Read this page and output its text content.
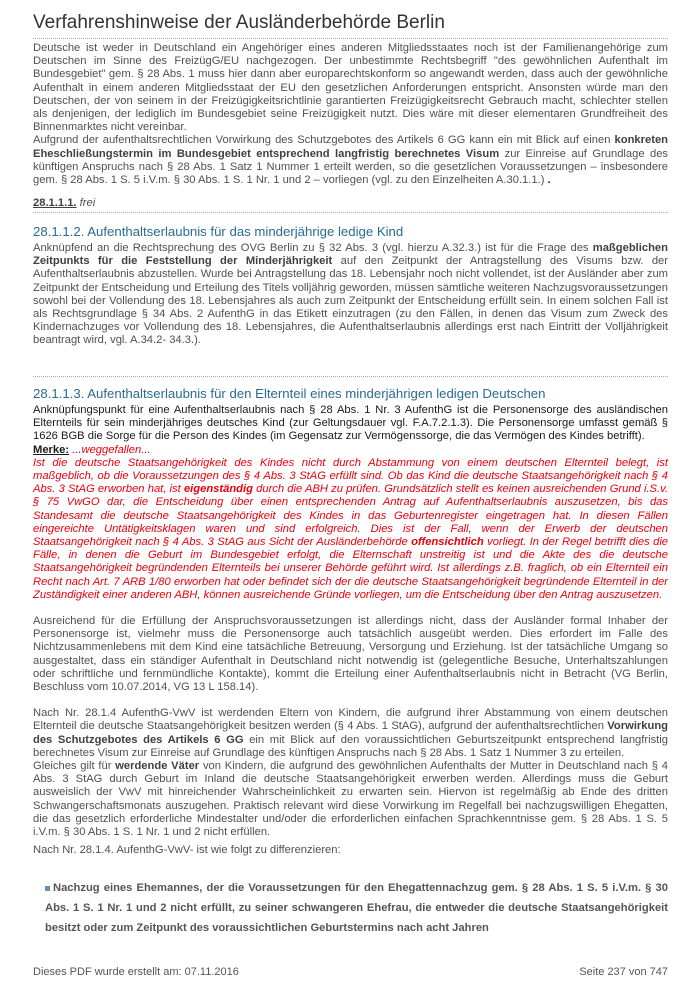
Verfahrenshinweise der Ausländerbehörde Berlin

Deutsche ist weder in Deutschland ein Angehöriger eines anderen Mitgliedsstaates noch ist der Familienangehörige zum Deutschen im Sinne des FreizügG/EU nachgezogen. Der unbestimmte Rechtsbegriff "des gewöhnlichen Aufenthalt im Bundesgebiet" gem. § 28 Abs. 1 muss hier dann aber europarechtskonform so angewandt werden, dass auch der gewöhnliche Aufenthalt in einem anderen Mitgliedsstaat der EU den gesetzlichen Anforderungen entspricht. Ansonsten würde man den Deutschen, der von seinem in der Freizügigkeitsrichtlinie garantierten Freizügigkeitsrecht Gebrauch macht, schlechter stellen als denjenigen, der lediglich im Bundesgebiet seine Freizügigkeit nutzt. Dies wäre mit dieser elementaren Grundfreiheit des Binnenmarktes nicht vereinbar.

Aufgrund der aufenthaltsrechtlichen Vorwirkung des Schutzgebotes des Artikels 6 GG kann ein mit Blick auf einen konkreten Eheschließungstermin im Bundesgebiet entsprechend langfristig berechnetes Visum zur Einreise auf Grundlage des künftigen Anspruchs nach § 28 Abs. 1 Satz 1 Nummer 1 erteilt werden, so die gesetzlichen Voraussetzungen – insbesondere gem. § 28 Abs. 1 S. 5 i.V.m. § 30 Abs. 1 S. 1 Nr. 1 und 2 – vorliegen (vgl. zu den Einzelheiten A.30.1.1.) .

28.1.1.1. frei
28.1.1.2. Aufenthaltserlaubnis für das minderjährige ledige Kind

Anknüpfend an die Rechtsprechung des OVG Berlin zu § 32 Abs. 3 (vgl. hierzu A.32.3.) ist für die Frage des maßgeblichen Zeitpunkts für die Feststellung der Minderjährigkeit auf den Zeitpunkt der Antragstellung des Visums bzw. der Aufenthaltserlaubnis abzustellen. Wurde bei Antragstellung das 18. Lebensjahr noch nicht vollendet, ist der Ausländer aber zum Zeitpunkt der Entscheidung und Erteilung des Titels volljährig geworden, müssen sämtliche weiteren Nachzugsvoraussetzungen sowohl bei der Vollendung des 18. Lebensjahres als auch zum Zeitpunkt der Entscheidung erfüllt sein. In einem solchen Fall ist als Rechtsgrundlage § 34 Abs. 2 AufenthG in das Etikett einzutragen (zu den Fällen, in denen das Visum zum Zweck des Kindernachzuges vor Vollendung des 18. Lebensjahres, die Aufenthaltserlaubnis allerdings erst nach Eintritt der Volljährigkeit beantragt wird, vgl. A.34.2- 34.3.).

28.1.1.3. Aufenthaltserlaubnis für den Elternteil eines minderjährigen ledigen Deutschen

Anknüpfungspunkt für eine Aufenthaltserlaubnis nach § 28 Abs. 1 Nr. 3 AufenthG ist die Personensorge des ausländischen Elternteils für sein minderjähriges deutsches Kind (zur Geltungsdauer vgl. F.A.7.2.1.3). Die Personensorge umfasst gemäß § 1626 BGB die Sorge für die Person des Kindes (im Gegensatz zur Vermögenssorge, die das Vermögen des Kindes betrifft).

Merke: ...weggefallen...

Ist die deutsche Staatsangehörigkeit des Kindes nicht durch Abstammung von einem deutschen Elternteil belegt, ist maßgeblich, ob die Voraussetzungen des § 4 Abs. 3 StAG erfüllt sind. Ob das Kind die deutsche Staatsangehörigkeit nach § 4 Abs. 3 StAG erworben hat, ist eigenständig durch die ABH zu prüfen. Grundsätzlich stellt es keinen ausreichenden Grund i.S.v. § 75 VwGO dar, die Entscheidung über einen entsprechenden Antrag auf Aufenthaltserlaubnis auszusetzen, bis das Standesamt die deutsche Staatsangehörigkeit des Kindes in das Geburtenregister eingetragen hat. In diesen Fällen eingereichte Untätigkeitsklagen waren und sind erfolgreich. Dies ist der Fall, wenn der Erwerb der deutschen Staatsangehörigkeit nach § 4 Abs. 3 StAG aus Sicht der Ausländerbehörde offensichtlich vorliegt. In der Regel betrifft dies die Fälle, in denen die Geburt im Bundesgebiet erfolgt, die Elternschaft unstreitig ist und die Akte des die deutsche Staatsangehörigkeit begründenden Elternteils bei unserer Behörde geführt wird. Ist allerdings z.B. fraglich, ob ein Elternteil ein Recht nach Art. 7 ARB 1/80 erworben hat oder befindet sich der die deutsche Staatsangehörigkeit begründende Elternteil in der Zuständigkeit einer anderen ABH, können ausreichende Gründe vorliegen, um die Entscheidung über den Antrag auszusetzen.

Ausreichend für die Erfüllung der Anspruchsvoraussetzungen ist allerdings nicht, dass der Ausländer formal Inhaber der Personensorge ist, vielmehr muss die Personensorge auch tatsächlich ausgeübt werden. Dies erfordert im Falle des Nichtzusammenlebens mit dem Kind eine tatsächliche Betreuung, Versorgung und Erziehung. Ist der tatsächliche Umgang so ausgestaltet, dass ein ständiger Aufenthalt in Deutschland nicht notwendig ist (gelegentliche Besuche, Unterhaltszahlungen oder schriftliche und fernmündliche Kontakte), kommt die Erteilung einer Aufenthaltserlaubnis nicht in Betracht (VG Berlin, Beschluss vom 10.07.2014, VG 13 L 158.14).

Nach Nr. 28.1.4 AufenthG-VwV ist werdenden Eltern von Kindern, die aufgrund ihrer Abstammung von einem deutschen Elternteil die deutsche Staatsangehörigkeit besitzen werden (§ 4 Abs. 1 StAG), aufgrund der aufenthaltsrechtlichen Vorwirkung des Schutzgebotes des Artikels 6 GG ein mit Blick auf den voraussichtlichen Geburtszeitpunkt entsprechend langfristig berechnetes Visum zur Einreise auf Grundlage des künftigen Anspruchs nach § 28 Abs. 1 Satz 1 Nummer 3 zu erteilen.

Gleiches gilt für werdende Väter von Kindern, die aufgrund des gewöhnlichen Aufenthalts der Mutter in Deutschland nach § 4 Abs. 3 StAG durch Geburt im Inland die deutsche Staatsangehörigkeit erwerben werden. Allerdings muss die Geburt ausweislich der VwV mit hinreichender Wahrscheinlichkeit zu erwarten sein. Hiervon ist regelmäßig ab Ende des dritten Schwangerschaftsmonats auszugehen. Praktisch relevant wird diese Vorwirkung im Regelfall bei nachzugswilligen Ehegatten, die das gesetzlich erforderliche Mindestalter und/oder die erforderlichen einfachen Sprachkenntnisse gem. § 28 Abs. 1 S. 5 i.V.m. § 30 Abs. 1 S. 1 Nr. 1 und 2 nicht erfüllen.

Nach Nr. 28.1.4. AufenthG-VwV- ist wie folgt zu differenzieren:

Nachzug eines Ehemannes, der die Voraussetzungen für den Ehegattennachzug gem. § 28 Abs. 1 S. 5 i.V.m. § 30 Abs. 1 S. 1 Nr. 1 und 2 nicht erfüllt, zu seiner schwangeren Ehefrau, die entweder die deutsche Staatsangehörigkeit besitzt oder zum Zeitpunkt des voraussichtlichen Geburtstermins nach acht Jahren
Dieses PDF wurde erstellt am: 07.11.2016	Seite 237 von 747
